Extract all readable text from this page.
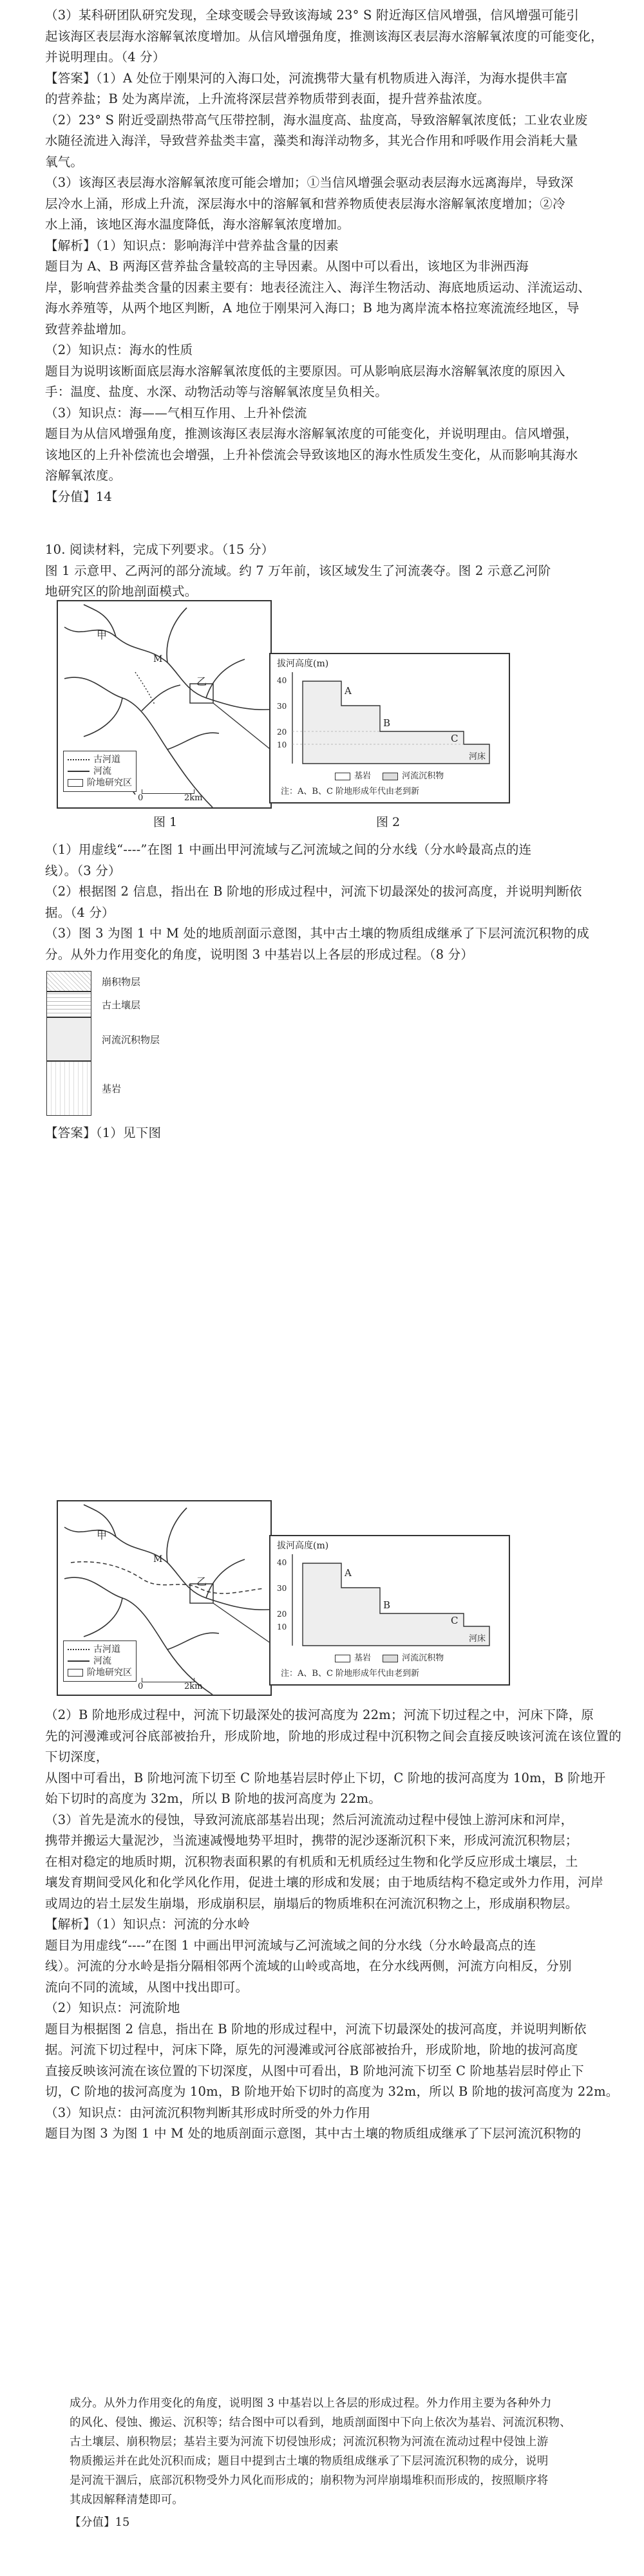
（3）某科研团队研究发现，全球变暖会导致该海域 23° S 附近海区信风增强，信风增强可能引
起该海区表层海水溶解氧浓度增加。从信风增强角度，推测该海区表层海水溶解氧浓度的可能变化，
并说明理由。（4 分）
【答案】（1）A 处位于刚果河的入海口处，河流携带大量有机物质进入海洋，为海水提供丰富
的营养盐；B 处为离岸流，上升流将深层营养物质带到表面，提升营养盐浓度。
（2）23° S 附近受副热带高气压带控制，海水温度高、盐度高，导致溶解氧浓度低；工业农业废
水随径流进入海洋，导致营养盐类丰富，藻类和海洋动物多，其光合作用和呼吸作用会消耗大量
氧气。
（3）该海区表层海水溶解氧浓度可能会增加；①当信风增强会驱动表层海水远离海岸，导致深
层冷水上涌，形成上升流，深层海水中的溶解氧和营养物质使表层海水溶解氧浓度增加；②冷
水上涌，该地区海水温度降低，海水溶解氧浓度增加。
【解析】（1）知识点：影响海洋中营养盐含量的因素
题目为 A、B 两海区营养盐含量较高的主导因素。从图中可以看出，该地区为非洲西海
岸，影响营养盐类含量的因素主要有：地表径流注入、海洋生物活动、海底地质运动、洋流运动、
海水养殖等，从两个地区判断，A 地位于刚果河入海口；B 地为离岸流本格拉寒流流经地区，导
致营养盐增加。
（2）知识点：海水的性质
题目为说明该断面底层海水溶解氧浓度低的主要原因。可从影响底层海水溶解氧浓度的原因入
手：温度、盐度、水深、动物活动等与溶解氧浓度呈负相关。
（3）知识点：海——气相互作用、上升补偿流
题目为从信风增强角度，推测该海区表层海水溶解氧浓度的可能变化，并说明理由。信风增强，
该地区的上升补偿流也会增强，上升补偿流会导致该地区的海水性质发生变化，从而影响其海水
溶解氧浓度。
【分值】14
10. 阅读材料，完成下列要求。（15 分）
图 1 示意甲、乙两河的部分流域。约 7 万年前，该区域发生了河流袭夺。图 2 示意乙河阶
地研究区的阶地剖面模式。
甲
乙
M
古河道
河流
阶地研究区
0	2km
图 1
拔河高度(m)
40
30
20
10
A
B
C
河床
基岩	河流沉积物
注：A、B、C 阶地形成年代由老到新
图 2
（1）用虚线“----”在图 1 中画出甲河流域与乙河流域之间的分水线（分水岭最高点的连
线）。（3 分）
（2）根据图 2 信息，指出在 B 阶地的形成过程中，河流下切最深处的拔河高度，并说明判断依
据。（4 分）
（3）图 3 为图 1 中 M 处的地质剖面示意图，其中古土壤的物质组成继承了下层河流沉积物的成
分。从外力作用变化的角度，说明图 3 中基岩以上各层的形成过程。（8 分）
崩积物层
古土壤层
河流沉积物层
基岩
【答案】（1）见下图
甲
乙
M
古河道
河流
阶地研究区
0	2km
拔河高度(m)
40
30
20
10
A
B
C
河床
基岩	河流沉积物
注：A、B、C 阶地形成年代由老到新
（2）B 阶地形成过程中，河流下切最深处的拔河高度为 22m；河流下切过程之中，河床下降，原
先的河漫滩或河谷底部被抬升，形成阶地，阶地的形成过程中沉积物之间会直接反映该河流在该位置的下切深度，
从图中可看出，B 阶地河流下切至 C 阶地基岩层时停止下切，C 阶地的拔河高度为 10m，B 阶地开
始下切时的高度为 32m，所以 B 阶地的拔河高度为 22m。
（3）首先是流水的侵蚀，导致河流底部基岩出现；然后河流流动过程中侵蚀上游河床和河岸，
携带并搬运大量泥沙，当流速减慢地势平坦时，携带的泥沙逐渐沉积下来，形成河流沉积物层；
在相对稳定的地质时期，沉积物表面积累的有机质和无机质经过生物和化学反应形成土壤层，土
壤发育期间受风化和化学风化作用，促进土壤的形成和发展；由于地质结构不稳定或外力作用，河岸
或周边的岩土层发生崩塌，形成崩积层，崩塌后的物质堆积在河流沉积物之上，形成崩积物层。
【解析】（1）知识点：河流的分水岭
题目为用虚线“----”在图 1 中画出甲河流域与乙河流域之间的分水线（分水岭最高点的连
线）。河流的分水岭是指分隔相邻两个流域的山岭或高地，在分水线两侧，河流方向相反，分别
流向不同的流域，从图中找出即可。
（2）知识点：河流阶地
题目为根据图 2 信息，指出在 B 阶地的形成过程中，河流下切最深处的拔河高度，并说明判断依
据。河流下切过程中，河床下降，原先的河漫滩或河谷底部被抬升，形成阶地，阶地的拔河高度
直接反映该河流在该位置的下切深度，从图中可看出，B 阶地河流下切至 C 阶地基岩层时停止下
切，C 阶地的拔河高度为 10m，B 阶地开始下切时的高度为 32m，所以 B 阶地的拔河高度为 22m。
（3）知识点：由河流沉积物判断其形成时所受的外力作用
题目为图 3 为图 1 中 M 处的地质剖面示意图，其中古土壤的物质组成继承了下层河流沉积物的
成分。从外力作用变化的角度，说明图 3 中基岩以上各层的形成过程。外力作用主要为各种外力
的风化、侵蚀、搬运、沉积等；结合图中可以看到，地质剖面图中下向上依次为基岩、河流沉积物、
古土壤层、崩积物层；基岩主要为河流下切侵蚀形成；河流沉积物为河流在流动过程中侵蚀上游
物质搬运并在此处沉积而成；题目中提到古土壤的物质组成继承了下层河流沉积物的成分，说明
是河流干涸后，底部沉积物受外力风化而形成的；崩积物为河岸崩塌堆积而形成的，按照顺序将
其成因解释清楚即可。
【分值】15
